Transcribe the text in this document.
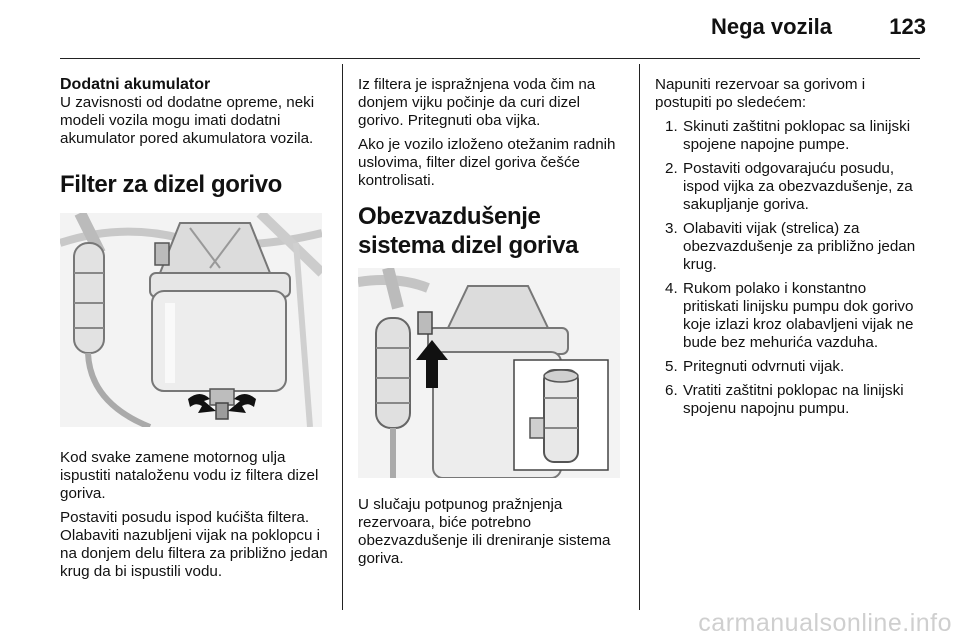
Nega vozila	123
Dodatni akumulator

U zavisnosti od dodatne opreme, neki modeli vozila mogu imati dodatni akumulator pored akumulatora vozila.

Filter za dizel gorivo

Kod svake zamene motornog ulja ispustiti nataloženu vodu iz filtera dizel goriva.

Postaviti posudu ispod kućišta filtera. Olabaviti nazubljeni vijak na poklopcu i na donjem delu filtera za približno jedan krug da bi ispustili vodu.

Iz filtera je ispražnjena voda čim na donjem vijku počinje da curi dizel gorivo. Pritegnuti oba vijka.

Ako je vozilo izloženo otežanim radnih uslovima, filter dizel goriva češće kontrolisati.

Obezvazdušenje sistema dizel goriva

U slučaju potpunog pražnjenja rezervoara, biće potrebno obezvazdušenje ili dreniranje sistema goriva.

Napuniti rezervoar sa gorivom i postupiti po sledećem:

1. Skinuti zaštitni poklopac sa linijski spojene napojne pumpe.
2. Postaviti odgovarajuću posudu, ispod vijka za obezvazdušenje, za sakupljanje goriva.
3. Olabaviti vijak (strelica) za obezvazdušenje za približno jedan krug.
4. Rukom polako i konstantno pritiskati linijsku pumpu dok gorivo koje izlazi kroz olabavljeni vijak ne bude bez mehurića vazduha.
5. Pritegnuti odvrnuti vijak.
6. Vratiti zaštitni poklopac na linijski spojenu napojnu pumpu.
carmanualsonline.info
